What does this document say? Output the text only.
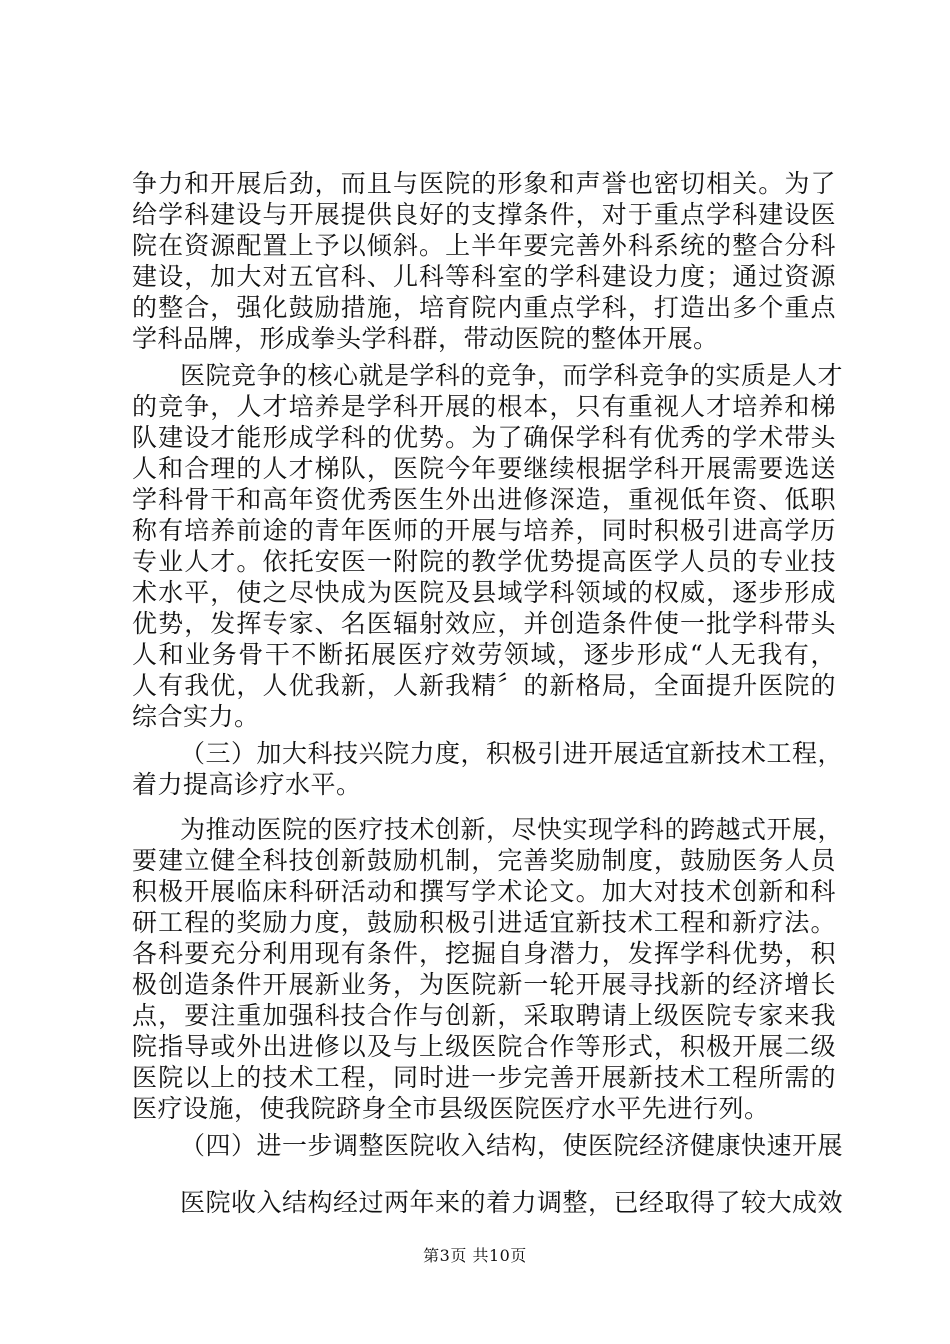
争力和开展后劲，而且与医院的形象和声誉也密切相关。为了
给学科建设与开展提供良好的支撑条件，对于重点学科建设医
院在资源配置上予以倾斜。上半年要完善外科系统的整合分科
建设，加大对五官科、儿科等科室的学科建设力度；通过资源
的整合，强化鼓励措施，培育院内重点学科，打造出多个重点
学科品牌，形成拳头学科群，带动医院的整体开展。
医院竞争的核心就是学科的竞争，而学科竞争的实质是人才
的竞争，人才培养是学科开展的根本，只有重视人才培养和梯
队建设才能形成学科的优势。为了确保学科有优秀的学术带头
人和合理的人才梯队，医院今年要继续根据学科开展需要选送
学科骨干和高年资优秀医生外出进修深造，重视低年资、低职
称有培养前途的青年医师的开展与培养，同时积极引进高学历
专业人才。依托安医一附院的教学优势提高医学人员的专业技
术水平，使之尽快成为医院及县域学科领域的权威，逐步形成
优势，发挥专家、名医辐射效应，并创造条件使一批学科带头
人和业务骨干不断拓展医疗效劳领域，逐步形成“人无我有，
人有我优，人优我新，人新我精〞的新格局，全面提升医院的
综合实力。
（三）加大科技兴院力度，积极引进开展适宜新技术工程，
着力提高诊疗水平。
为推动医院的医疗技术创新，尽快实现学科的跨越式开展，
要建立健全科技创新鼓励机制，完善奖励制度，鼓励医务人员
积极开展临床科研活动和撰写学术论文。加大对技术创新和科
研工程的奖励力度，鼓励积极引进适宜新技术工程和新疗法。
各科要充分利用现有条件，挖掘自身潜力，发挥学科优势，积
极创造条件开展新业务，为医院新一轮开展寻找新的经济增长
点，要注重加强科技合作与创新，采取聘请上级医院专家来我
院指导或外出进修以及与上级医院合作等形式，积极开展二级
医院以上的技术工程，同时进一步完善开展新技术工程所需的
医疗设施，使我院跻身全市县级医院医疗水平先进行列。
（四）进一步调整医院收入结构，使医院经济健康快速开展
医院收入结构经过两年来的着力调整，已经取得了较大成效
第3页 共10页
